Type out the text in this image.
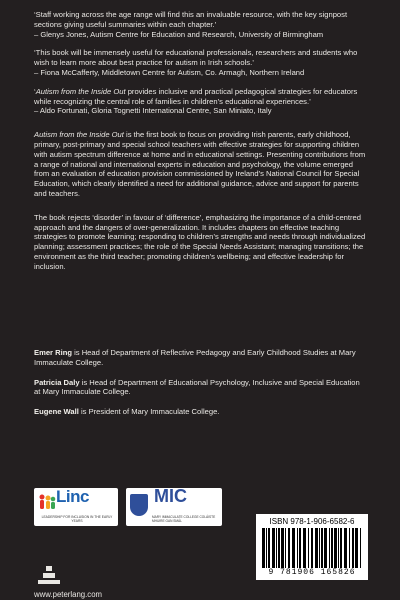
‘Staff working across the age range will find this an invaluable resource, with the key signpost sections giving useful summaries within each chapter.’
– Glenys Jones, Autism Centre for Education and Research, University of Birmingham

‘This book will be immensely useful for educational professionals, researchers and students who wish to learn more about best practice for autism in Irish schools.’
– Fiona McCafferty, Middletown Centre for Autism, Co. Armagh, Northern Ireland

‘Autism from the Inside Out provides inclusive and practical pedagogical strategies for educators while recognizing the central role of families in children’s educational experiences.’
– Aldo Fortunati, Gloria Tognetti International Centre, San Miniato, Italy

Autism from the Inside Out is the first book to focus on providing Irish parents, early childhood, primary, post-primary and special school teachers with effective strategies for supporting children with autism spectrum difference at home and in educational settings. Presenting contributions from a range of national and international experts in education and psychology, the volume emerged from an evaluation of education provision commissioned by Ireland’s National Council for Special Education, which clearly identified a need for additional guidance, advice and support for parents and teachers.

The book rejects ‘disorder’ in favour of ‘difference’, emphasizing the importance of a child-centred approach and the dangers of over-generalization. It includes chapters on effective teaching strategies to promote learning; responding to children’s strengths and needs through individualized planning; assessment practices; the role of the Special Needs Assistant; managing transitions; the environment as the third teacher; promoting children’s wellbeing; and effective leadership for inclusion.

Emer Ring is Head of Department of Reflective Pedagogy and Early Childhood Studies at Mary Immaculate College.

Patricia Daly is Head of Department of Educational Psychology, Inclusive and Special Education at Mary Immaculate College.

Eugene Wall is President of Mary Immaculate College.

Linc
LEADERSHIP FOR INCLUSION IN THE EARLY YEARS
MIC
MARY IMMACULATE COLLEGE COLÁISTE MHUIRE GAN SMÁL	ISBN 978-1-906-6582-6
9 781906 165826
www.peterlang.com
